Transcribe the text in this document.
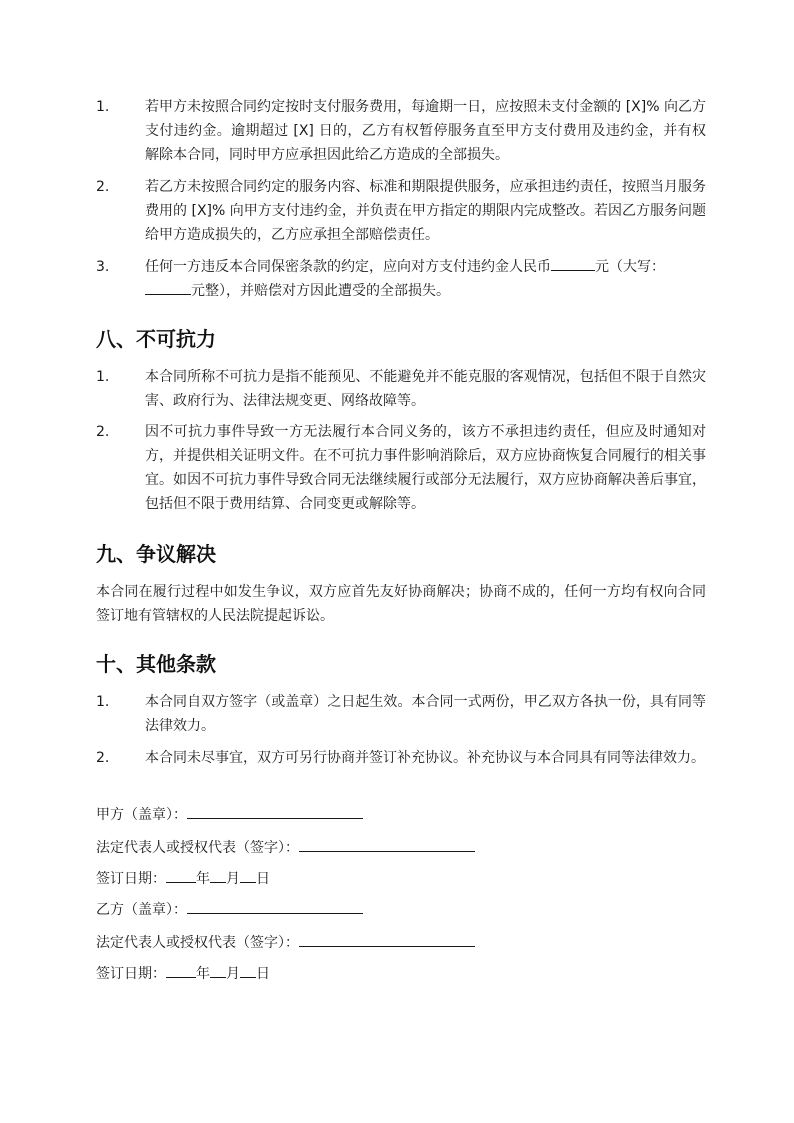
1.	若甲方未按照合同约定按时支付服务费用，每逾期一日，应按照未支付金额的 [X]% 向乙方支付违约金。逾期超过 [X] 日的，乙方有权暂停服务直至甲方支付费用及违约金，并有权解除本合同，同时甲方应承担因此给乙方造成的全部损失。
2.	若乙方未按照合同约定的服务内容、标准和期限提供服务，应承担违约责任，按照当月服务费用的 [X]% 向甲方支付违约金，并负责在甲方指定的期限内完成整改。若因乙方服务问题给甲方造成损失的，乙方应承担全部赔偿责任。
3.	任何一方违反本合同保密条款的约定，应向对方支付违约金人民币	元（大写：
元整），并赔偿对方因此遭受的全部损失。
八、不可抗力
1.	本合同所称不可抗力是指不能预见、不能避免并不能克服的客观情况，包括但不限于自然灾害、政府行为、法律法规变更、网络故障等。
2.	因不可抗力事件导致一方无法履行本合同义务的，该方不承担违约责任，但应及时通知对方，并提供相关证明文件。在不可抗力事件影响消除后，双方应协商恢复合同履行的相关事宜。如因不可抗力事件导致合同无法继续履行或部分无法履行，双方应协商解决善后事宜，包括但不限于费用结算、合同变更或解除等。
九、争议解决
本合同在履行过程中如发生争议，双方应首先友好协商解决；协商不成的，任何一方均有权向合同签订地有管辖权的人民法院提起诉讼。
十、其他条款
1.	本合同自双方签字（或盖章）之日起生效。本合同一式两份，甲乙双方各执一份，具有同等法律效力。
2.	本合同未尽事宜，双方可另行协商并签订补充协议。补充协议与本合同具有同等法律效力。
甲方（盖章）：
法定代表人或授权代表（签字）：
签订日期： 年 月 日
乙方（盖章）：
法定代表人或授权代表（签字）：
签订日期： 年 月 日
